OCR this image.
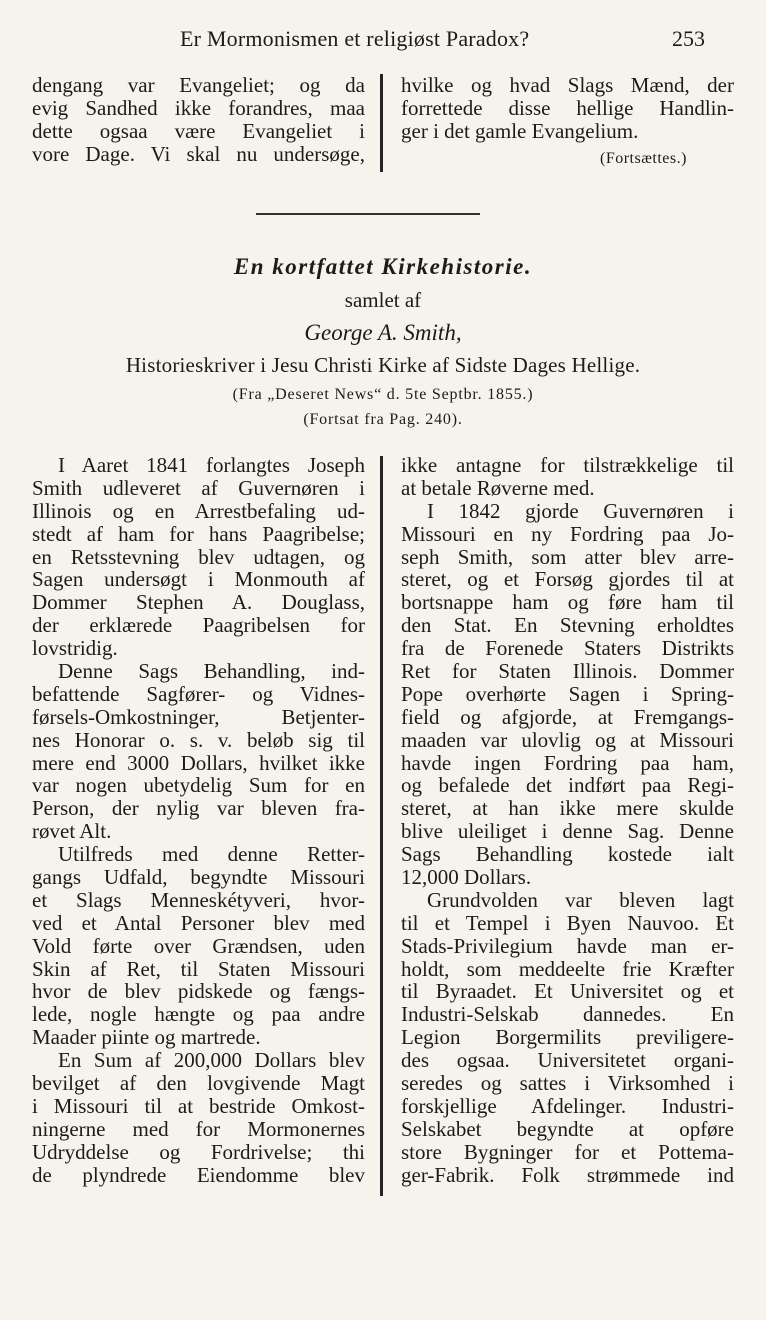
Er Mormonismen et religiøst Paradox?	253
dengang var Evangeliet; og da
evig Sandhed ikke forandres, maa
dette ogsaa være Evangeliet i
vore Dage. Vi skal nu undersøge,
hvilke og hvad Slags Mænd, der
forrettede disse hellige Handlin-
ger i det gamle Evangelium.
(Fortsættes.)
En kortfattet Kirkehistorie.
samlet af
George A. Smith,
Historieskriver i Jesu Christi Kirke af Sidste Dages Hellige.
(Fra „Deseret News“ d. 5te Septbr. 1855.)
(Fortsat fra Pag. 240).
I Aaret 1841 forlangtes Joseph
Smith udleveret af Guvernøren i
Illinois og en Arrestbefaling ud-
stedt af ham for hans Paagribelse;
en Retsstevning blev udtagen, og
Sagen undersøgt i Monmouth af
Dommer Stephen A. Douglass,
der erklærede Paagribelsen for
lovstridig.
Denne Sags Behandling, ind-
befattende Sagfører- og Vidnes-
førsels-Omkostninger, Betjenter-
nes Honorar o. s. v. beløb sig til
mere end 3000 Dollars, hvilket ikke
var nogen ubetydelig Sum for en
Person, der nylig var bleven fra-
røvet Alt.
Utilfreds med denne Retter-
gangs Udfald, begyndte Missouri
et Slags Menneskétyveri, hvor-
ved et Antal Personer blev med
Vold førte over Grændsen, uden
Skin af Ret, til Staten Missouri
hvor de blev pidskede og fængs-
lede, nogle hængte og paa andre
Maader piinte og martrede.
En Sum af 200,000 Dollars blev
bevilget af den lovgivende Magt
i Missouri til at bestride Omkost-
ningerne med for Mormonernes
Udryddelse og Fordrivelse; thi
de plyndrede Eiendomme blev
ikke antagne for tilstrækkelige til
at betale Røverne med.
I 1842 gjorde Guvernøren i
Missouri en ny Fordring paa Jo-
seph Smith, som atter blev arre-
steret, og et Forsøg gjordes til at
bortsnappe ham og føre ham til
den Stat. En Stevning erholdtes
fra de Forenede Staters Distrikts
Ret for Staten Illinois. Dommer
Pope overhørte Sagen i Spring-
field og afgjorde, at Fremgangs-
maaden var ulovlig og at Missouri
havde ingen Fordring paa ham,
og befalede det indført paa Regi-
steret, at han ikke mere skulde
blive uleiliget i denne Sag. Denne
Sags Behandling kostede ialt
12,000 Dollars.
Grundvolden var bleven lagt
til et Tempel i Byen Nauvoo. Et
Stads-Privilegium havde man er-
holdt, som meddeelte frie Kræfter
til Byraadet. Et Universitet og et
Industri-Selskab dannedes. En
Legion Borgermilits previligere-
des ogsaa. Universitetet organi-
seredes og sattes i Virksomhed i
forskjellige Afdelinger. Industri-
Selskabet begyndte at opføre
store Bygninger for et Pottema-
ger-Fabrik. Folk strømmede ind
